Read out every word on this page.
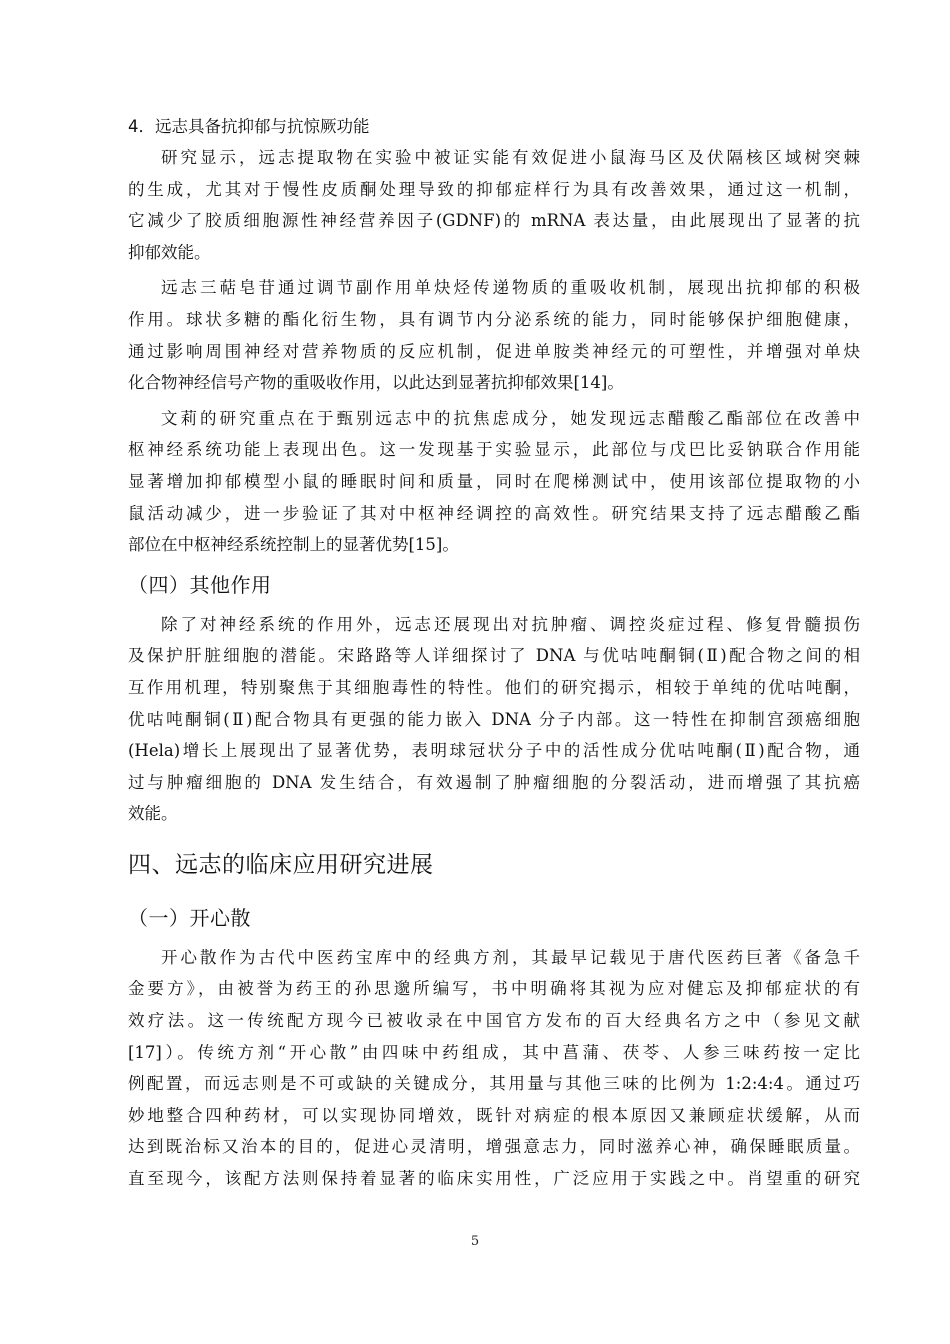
4．远志具备抗抑郁与抗惊厥功能
研究显示，远志提取物在实验中被证实能有效促进小鼠海马区及伏隔核区域树突棘
的生成，尤其对于慢性皮质酮处理导致的抑郁症样行为具有改善效果，通过这一机制，
它减少了胶质细胞源性神经营养因子(GDNF)的 mRNA 表达量，由此展现出了显著的抗
抑郁效能。
远志三萜皂苷通过调节副作用单炔烃传递物质的重吸收机制，展现出抗抑郁的积极
作用。球状多糖的酯化衍生物，具有调节内分泌系统的能力，同时能够保护细胞健康，
通过影响周围神经对营养物质的反应机制，促进单胺类神经元的可塑性，并增强对单炔
化合物神经信号产物的重吸收作用，以此达到显著抗抑郁效果[14]。
文莉的研究重点在于甄别远志中的抗焦虑成分，她发现远志醋酸乙酯部位在改善中
枢神经系统功能上表现出色。这一发现基于实验显示，此部位与戊巴比妥钠联合作用能
显著增加抑郁模型小鼠的睡眠时间和质量，同时在爬梯测试中，使用该部位提取物的小
鼠活动减少，进一步验证了其对中枢神经调控的高效性。研究结果支持了远志醋酸乙酯
部位在中枢神经系统控制上的显著优势[15]。
（四）其他作用
除了对神经系统的作用外，远志还展现出对抗肿瘤、调控炎症过程、修复骨髓损伤
及保护肝脏细胞的潜能。宋路路等人详细探讨了 DNA 与优咕吨酮铜(Ⅱ)配合物之间的相
互作用机理，特别聚焦于其细胞毒性的特性。他们的研究揭示，相较于单纯的优咕吨酮，
优咕吨酮铜(Ⅱ)配合物具有更强的能力嵌入 DNA 分子内部。这一特性在抑制宫颈癌细胞
(Hela)增长上展现出了显著优势，表明球冠状分子中的活性成分优咕吨酮(Ⅱ)配合物，通
过与肿瘤细胞的 DNA 发生结合，有效遏制了肿瘤细胞的分裂活动，进而增强了其抗癌
效能。
四、远志的临床应用研究进展
（一）开心散
开心散作为古代中医药宝库中的经典方剂，其最早记载见于唐代医药巨著《备急千
金要方》，由被誉为药王的孙思邈所编写，书中明确将其视为应对健忘及抑郁症状的有
效疗法。这一传统配方现今已被收录在中国官方发布的百大经典名方之中（参见文献
[17]）。传统方剂“开心散”由四味中药组成，其中菖蒲、茯苓、人参三味药按一定比
例配置，而远志则是不可或缺的关键成分，其用量与其他三味的比例为 1:2:4:4。通过巧
妙地整合四种药材，可以实现协同增效，既针对病症的根本原因又兼顾症状缓解，从而
达到既治标又治本的目的，促进心灵清明，增强意志力，同时滋养心神，确保睡眠质量。
直至现今，该配方法则保持着显著的临床实用性，广泛应用于实践之中。肖望重的研究
5
